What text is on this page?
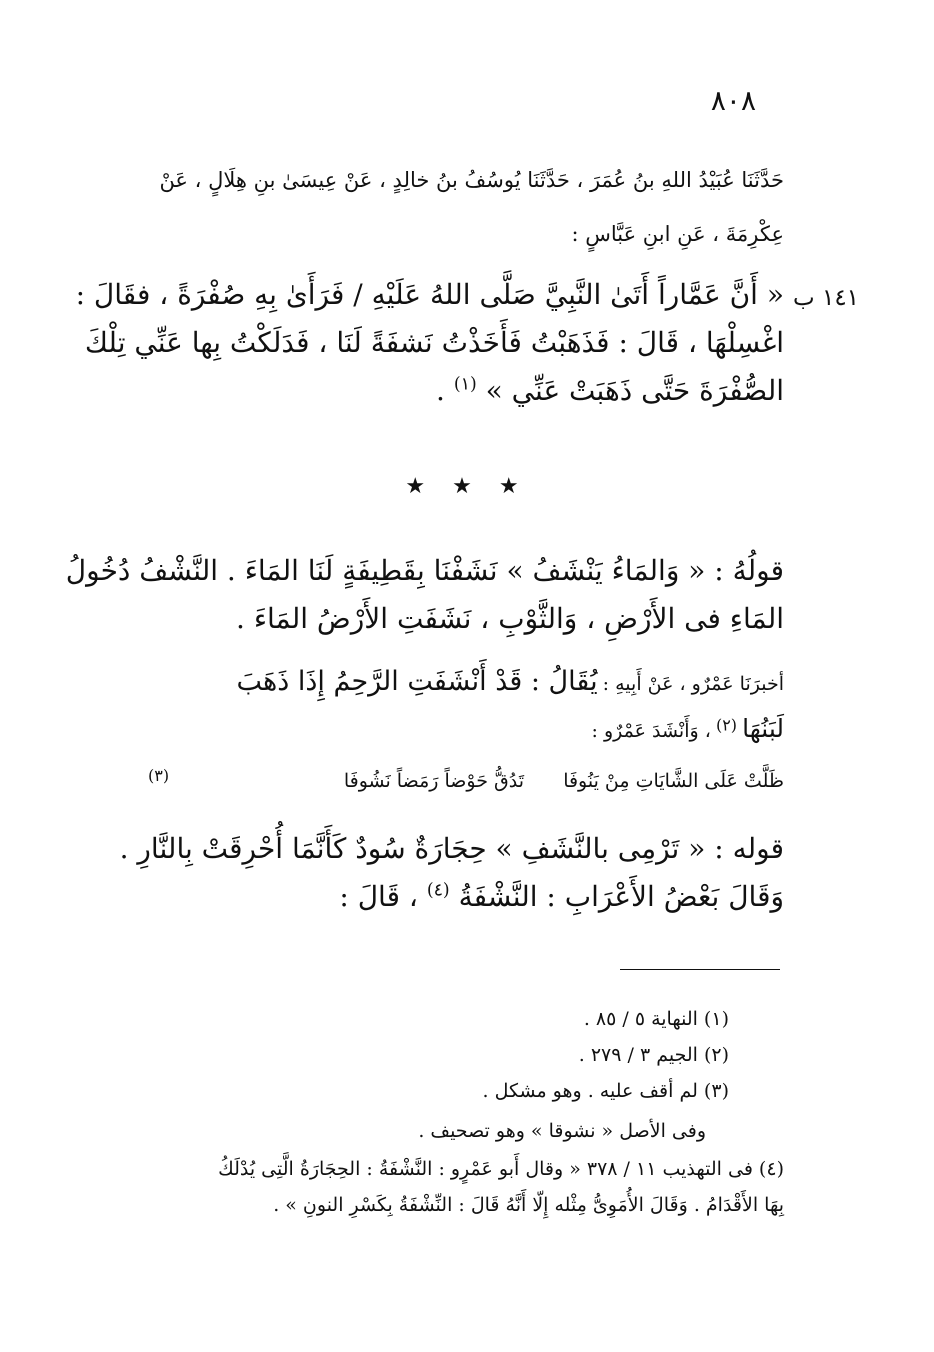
٨٠٨
حَدَّثَنَا عُبَيْدُ اللهِ بنُ عُمَرَ ، حَدَّثَنَا يُوسُفُ بنُ خالِدٍ ، عَنْ عِيسَىٰ بنِ هِلَالٍ ، عَنْ
عِكْرِمَةَ ، عَنِ ابنِ عَبَّاسٍ :
١٤١ ب
« أَنَّ عَمَّاراً أَتَىٰ النَّبِيَّ صَلَّى اللهُ عَلَيْهِ / فَرَأَىٰ بِهِ صُفْرَةً ، فقَالَ :
اغْسِلْهَا ، قَالَ : فَذَهَبْتُ فَأَخَذْتُ نَشفَةً لَنَا ، فَدَلَكْتُ بِها عَنِّي تِلْكَ
الصُّفْرَةَ حَتَّى ذَهَبَتْ عَنِّي » $^{(١)}$ .
★ ★ ★
قولُهُ : « وَالمَاءُ يَنْشَفُ » نَشَفْنَا بِقَطِيفَةٍ لَنَا المَاءَ . النَّشْفُ دُخُولُ
المَاءِ فى الأَرْضِ ، وَالثَّوْبِ ، نَشَفَتِ الأَرْضُ المَاءَ .
أخبرَنَا عَمْرٌو ، عَنْ أَبِيهِ : يُقَالُ : قَدْ أَنْشَفَتِ الرَّحِمُ إِذَا ذَهَبَ
لَبَنُهَا $^{(٢)}$ ، وَأَنْشَدَ عَمْرٌو :
ظَلَّتْ عَلَى الشَّايَاتِ مِنْ يَنُوفَا
تَدُقُّ حَوْضاً رَمَضاً نَشُوفَا
(٣)
قوله : « تَرْمِى بالنَّشَفِ » حِجَارَةٌ سُودٌ كَأَنَّمَا أُحْرِقَتْ بِالنَّارِ .
وَقَالَ بَعْضُ الأَعْرَابِ : النَّشْفَةُ $^{(٤)}$ ، قَالَ :
(١) النهاية ٥ / ٨٥ .
(٢) الجيم ٣ / ٢٧٩ .
(٣) لم أقف عليه . وهو مشكل .
وفى الأصل « نشوقا » وهو تصحيف .
(٤) فى التهذيب ١١ / ٣٧٨ « وقال أَبو عَمْرٍو : النَّشْفَةُ : الحِجَارَةُ الَّتِى يُدْلَكُ
بِهَا الأَقْدَامُ . وَقَالَ الأُمَوِىُّ مِثْله إِلّا أَنَّهُ قَالَ : النِّشْفَةُ بِكَسْرِ النونِ » .
